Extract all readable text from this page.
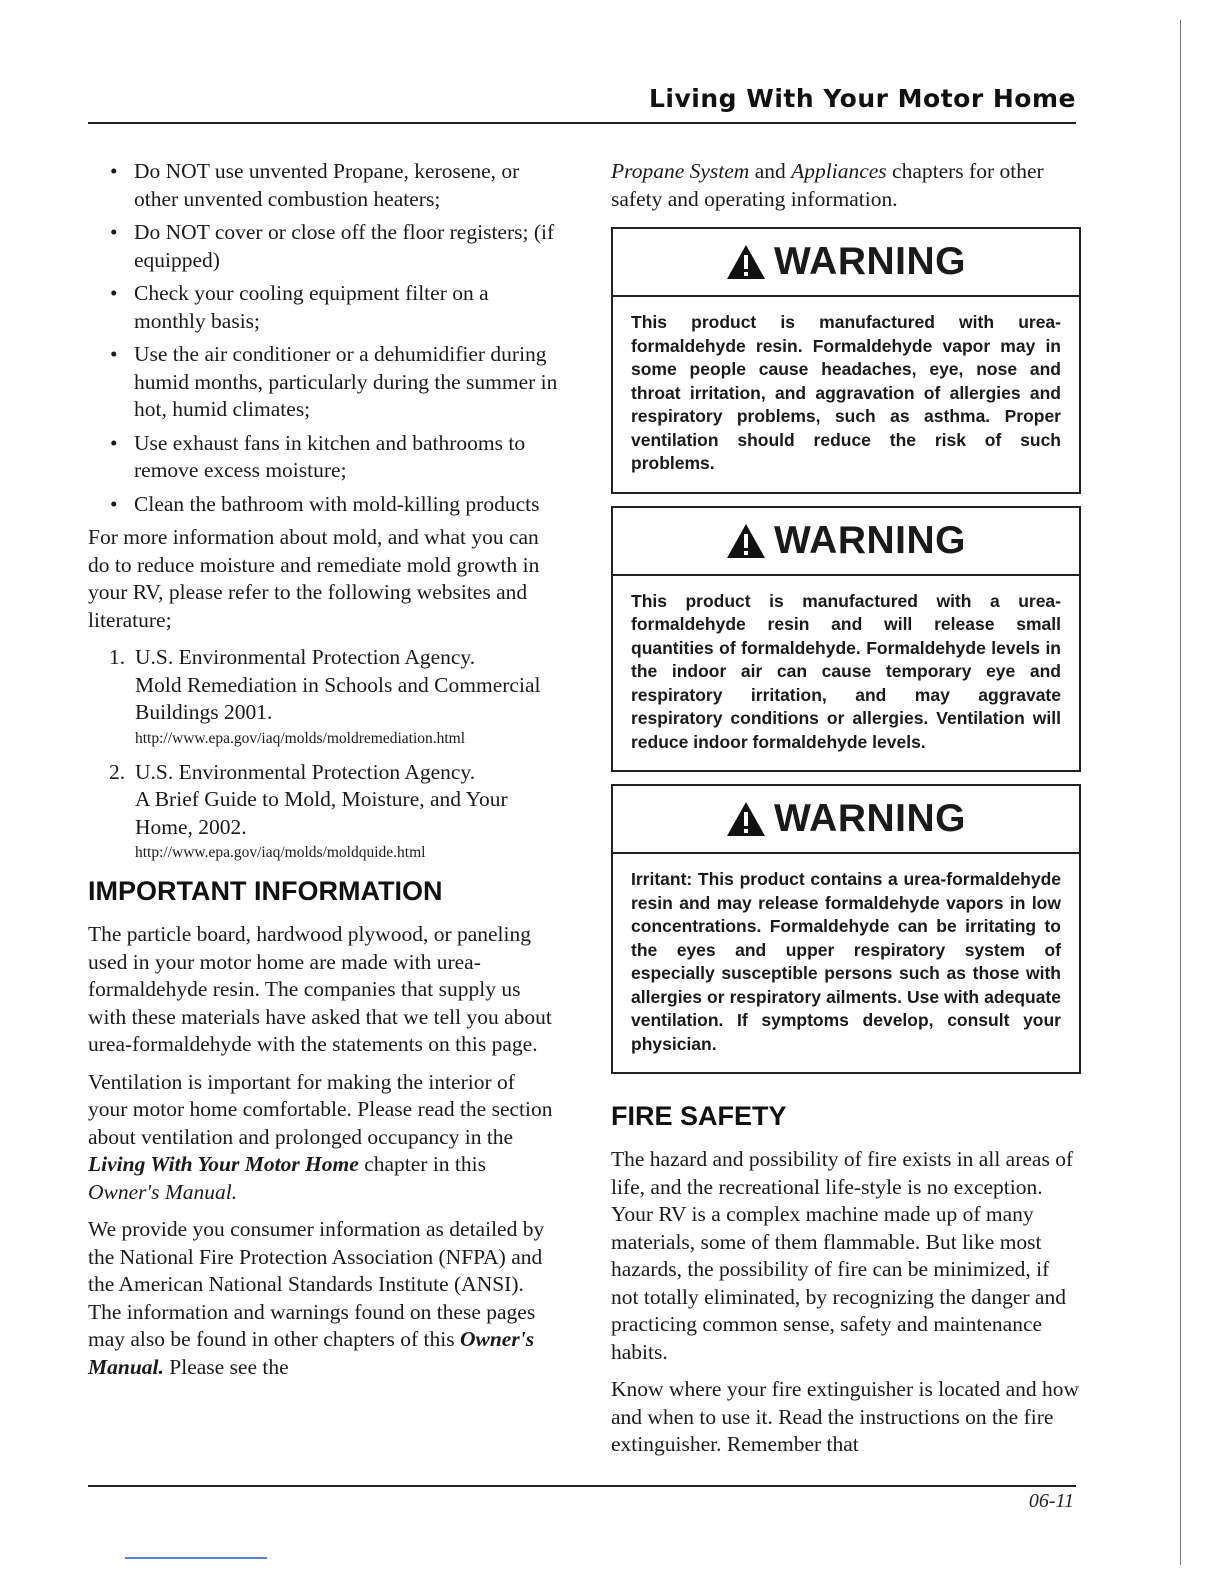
Living With Your Motor Home
• Do NOT use unvented Propane, kerosene, or other unvented combustion heaters;
• Do NOT cover or close off the floor registers; (if equipped)
• Check your cooling equipment filter on a monthly basis;
• Use the air conditioner or a dehumidifier during humid months, particularly during the summer in hot, humid climates;
• Use exhaust fans in kitchen and bathrooms to remove excess moisture;
• Clean the bathroom with mold-killing products

For more information about mold, and what you can do to reduce moisture and remediate mold growth in your RV, please refer to the following websites and literature;

1. U.S. Environmental Protection Agency.
Mold Remediation in Schools and Commercial Buildings 2001.
http://www.epa.gov/iaq/molds/moldremediation.html
2. U.S. Environmental Protection Agency.
A Brief Guide to Mold, Moisture, and Your Home, 2002.
http://www.epa.gov/iaq/molds/moldquide.html
IMPORTANT INFORMATION

The particle board, hardwood plywood, or paneling used in your motor home are made with urea-formaldehyde resin. The companies that supply us with these materials have asked that we tell you about urea-formaldehyde with the statements on this page.

Ventilation is important for making the interior of your motor home comfortable. Please read the section about ventilation and prolonged occupancy in the Living With Your Motor Home chapter in this Owner's Manual.

We provide you consumer information as detailed by the National Fire Protection Association (NFPA) and the American National Standards Institute (ANSI). The information and warnings found on these pages may also be found in other chapters of this Owner's Manual. Please see the

Propane System and Appliances chapters for other safety and operating information.

WARNING
This product is manufactured with urea-formaldehyde resin. Formaldehyde vapor may in some people cause headaches, eye, nose and throat irritation, and aggravation of allergies and respiratory problems, such as asthma. Proper ventilation should reduce the risk of such problems.
WARNING
This product is manufactured with a urea-formaldehyde resin and will release small quantities of formaldehyde. Formaldehyde levels in the indoor air can cause temporary eye and respiratory irritation, and may aggravate respiratory conditions or allergies. Ventilation will reduce indoor formaldehyde levels.
WARNING
Irritant: This product contains a urea-formaldehyde resin and may release formaldehyde vapors in low concentrations. Formaldehyde can be irritating to the eyes and upper respiratory system of especially susceptible persons such as those with allergies or respiratory ailments. Use with adequate ventilation. If symptoms develop, consult your physician.
FIRE SAFETY

The hazard and possibility of fire exists in all areas of life, and the recreational life-style is no exception. Your RV is a complex machine made up of many materials, some of them flammable. But like most hazards, the possibility of fire can be minimized, if not totally eliminated, by recognizing the danger and practicing common sense, safety and maintenance habits.

Know where your fire extinguisher is located and how and when to use it. Read the instructions on the fire extinguisher. Remember that

06-11
